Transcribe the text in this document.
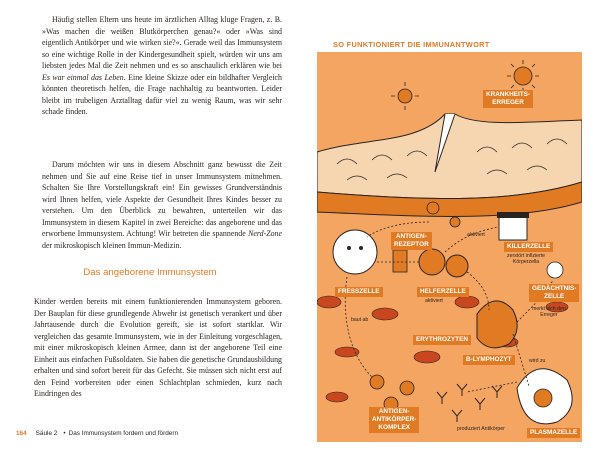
Häufig stellen Eltern uns heute im ärztlichen Alltag kluge Fragen, z. B. »Was machen die weißen Blutkörperchen genau?« oder »Was sind eigentlich Antikörper und wie wirken sie?«. Gerade weil das Immunsystem so eine wichtige Rolle in der Kindergesundheit spielt, würden wir uns am liebsten jedes Mal die Zeit nehmen und es so anschaulich erklären wie bei Es war einmal das Leben. Eine kleine Skizze oder ein bildhafter Vergleich könnten theoretisch helfen, die Frage nachhaltig zu beantworten. Leider bleibt im trubeligen Arztalltag dafür viel zu wenig Raum, was wir sehr schade finden.

Darum möchten wir uns in diesem Abschnitt ganz bewusst die Zeit nehmen und Sie auf eine Reise tief in unser Immunsystem mitnehmen. Schalten Sie Ihre Vorstellungskraft ein! Ein gewisses Grundverständnis wird Ihnen helfen, viele Aspekte der Gesundheit Ihres Kindes besser zu verstehen. Um den Überblick zu bewahren, unterteilen wir das Immunsystem in diesem Kapitel in zwei Bereiche: das angeborene und das erworbene Immunsystem. Achtung! Wir betreten die spannende Nerd-Zone der mikroskopisch kleinen Immun-Medizin.

Das angeborene Immunsystem

Kinder werden bereits mit einem funktionierenden Immunsystem geboren. Der Bauplan für diese grundlegende Abwehr ist genetisch verankert und über Jahrtausende durch die Evolution gereift, sie ist sofort startklar. Wir vergleichen das gesamte Immunsystem, wie in der Einleitung vorgeschlagen, mit einer mikroskopisch kleinen Armee, dann ist der angeborene Teil eine Einheit aus einfachen Fußsoldaten. Sie haben die genetische Grundausbildung erhalten und sind sofort bereit für das Gefecht. Sie müssen sich nicht erst auf den Feind vorbereiten oder einen Schlachtplan schmieden, kurz nach Eindringen des

164 Säule 2 • Das Immunsystem fordern und fördern
SO FUNKTIONIERT DIE IMMUNANTWORT
KRANKHEITS-
ERREGER
ANTIGEN-
REZEPTOR	KILLERZELLE
zerstört infizierte
Körperzella
aktiviert
FRESSZELLE	HELFERZELLE
aktiviert
GEDÄCHTNIS-
ZELLE
merkt sich den
Erreger
baut ab
ERYTHROZYTEN
B-LYMPHOZYT	wird zu
ANTIGEN-
ANTIKÖRPER-
KOMPLEX	produziert Antikörper	PLASMAZELLE
